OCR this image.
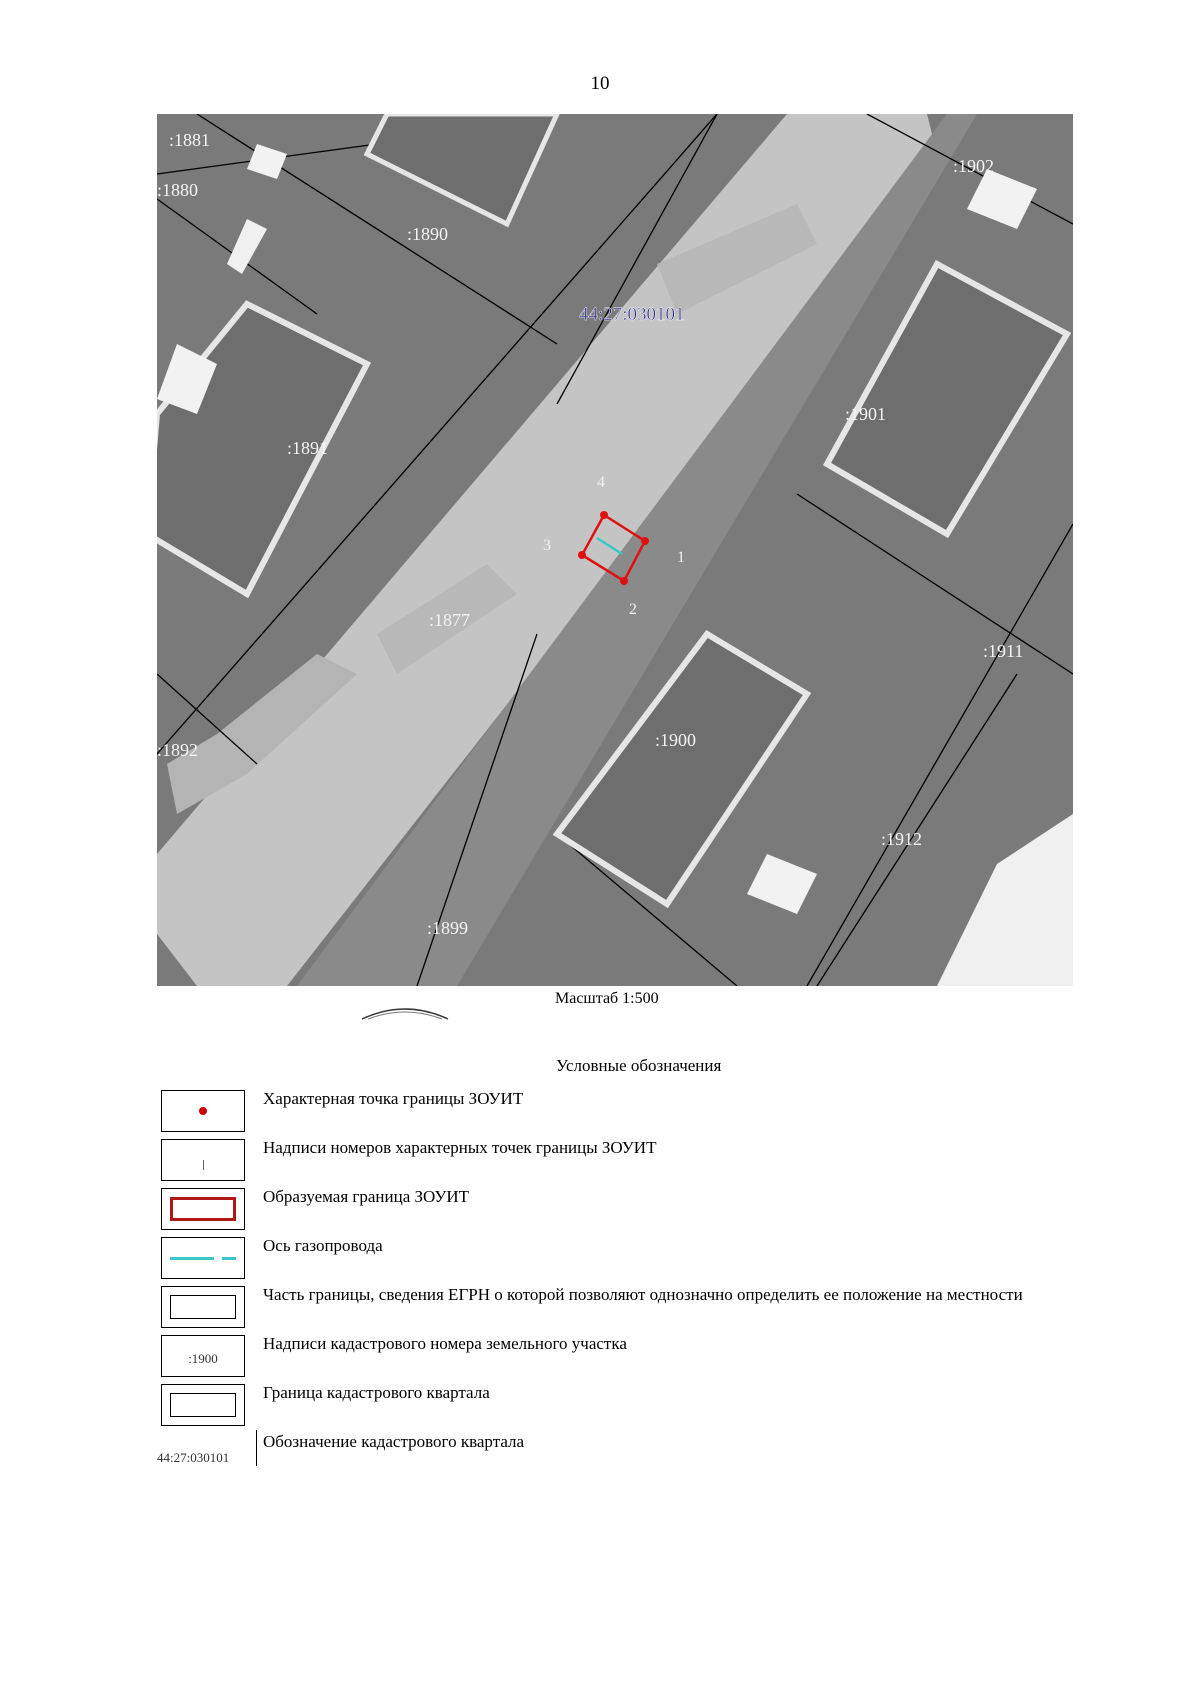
10
1
2
3
4
:1881
:1880
:1890
:1902
:1891
:1901
:1877
:1911
:1892	:1900
:1912
:1899
44:27:030101
Масштаб 1:500
Условные обозначения
Характерная точка границы ЗОУИТ
Надписи номеров характерных точек границы ЗОУИТ
Образуемая граница ЗОУИТ
Ось газопровода
Часть границы, сведения ЕГРН о которой позволяют однозначно определить ее положение на местности
:1900
Надписи кадастрового номера земельного участка
Граница кадастрового квартала
44:27:030101
Обозначение кадастрового квартала
